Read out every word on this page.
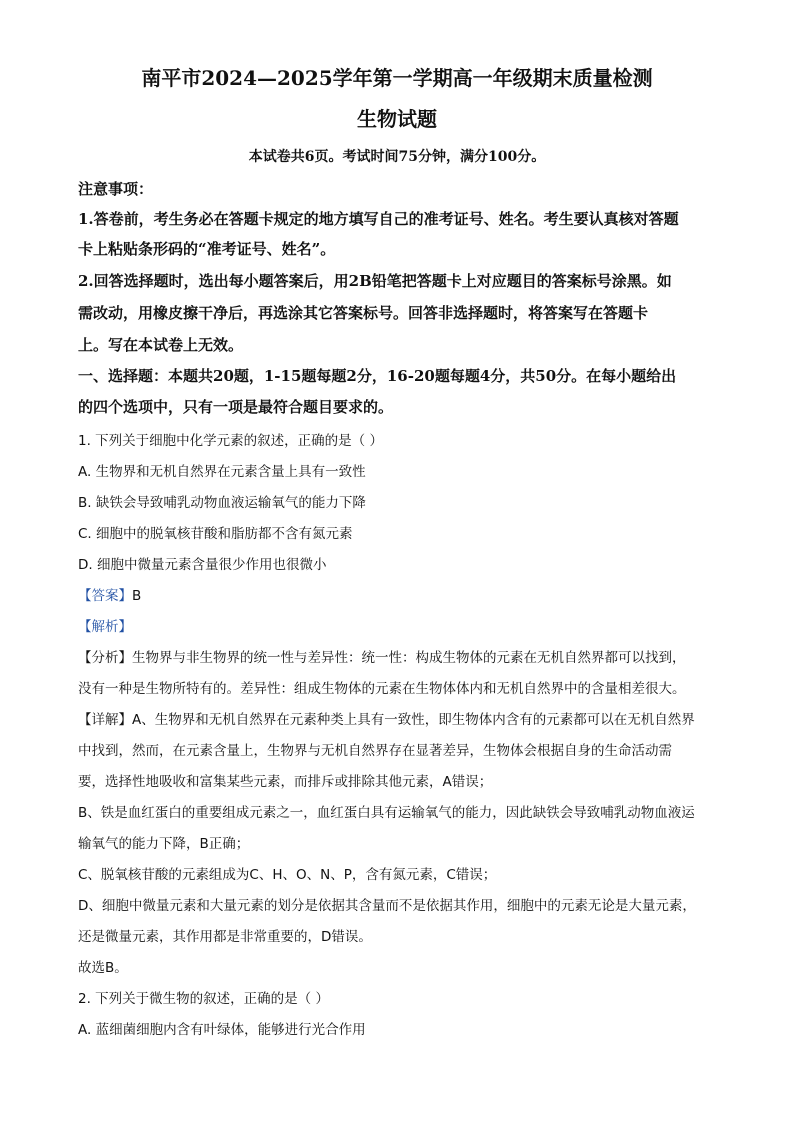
南平市2024—2025学年第一学期高一年级期末质量检测
生物试题
本试卷共6页。考试时间75分钟，满分100分。
注意事项：
1.答卷前，考生务必在答题卡规定的地方填写自己的准考证号、姓名。考生要认真核对答题
卡上粘贴条形码的“准考证号、姓名”。
2.回答选择题时，选出每小题答案后，用2B铅笔把答题卡上对应题目的答案标号涂黑。如
需改动，用橡皮擦干净后，再选涂其它答案标号。回答非选择题时，将答案写在答题卡
上。写在本试卷上无效。
一、选择题：本题共20题，1-15题每题2分，16-20题每题4分，共50分。在每小题给出
的四个选项中，只有一项是最符合题目要求的。
1. 下列关于细胞中化学元素的叙述，正确的是（ ）
A. 生物界和无机自然界在元素含量上具有一致性
B. 缺铁会导致哺乳动物血液运输氧气的能力下降
C. 细胞中的脱氧核苷酸和脂肪都不含有氮元素
D. 细胞中微量元素含量很少作用也很微小
【答案】B
【解析】
【分析】生物界与非生物界的统一性与差异性：统一性：构成生物体的元素在无机自然界都可以找到，
没有一种是生物所特有的。差异性：组成生物体的元素在生物体体内和无机自然界中的含量相差很大。
【详解】A、生物界和无机自然界在元素种类上具有一致性，即生物体内含有的元素都可以在无机自然界
中找到，然而，在元素含量上，生物界与无机自然界存在显著差异，生物体会根据自身的生命活动需
要，选择性地吸收和富集某些元素，而排斥或排除其他元素，A错误；
B、铁是血红蛋白的重要组成元素之一，血红蛋白具有运输氧气的能力，因此缺铁会导致哺乳动物血液运
输氧气的能力下降，B正确；
C、脱氧核苷酸的元素组成为C、H、O、N、P，含有氮元素，C错误；
D、细胞中微量元素和大量元素的划分是依据其含量而不是依据其作用，细胞中的元素无论是大量元素，
还是微量元素，其作用都是非常重要的，D错误。
故选B。
2. 下列关于微生物的叙述，正确的是（ ）
A. 蓝细菌细胞内含有叶绿体，能够进行光合作用
